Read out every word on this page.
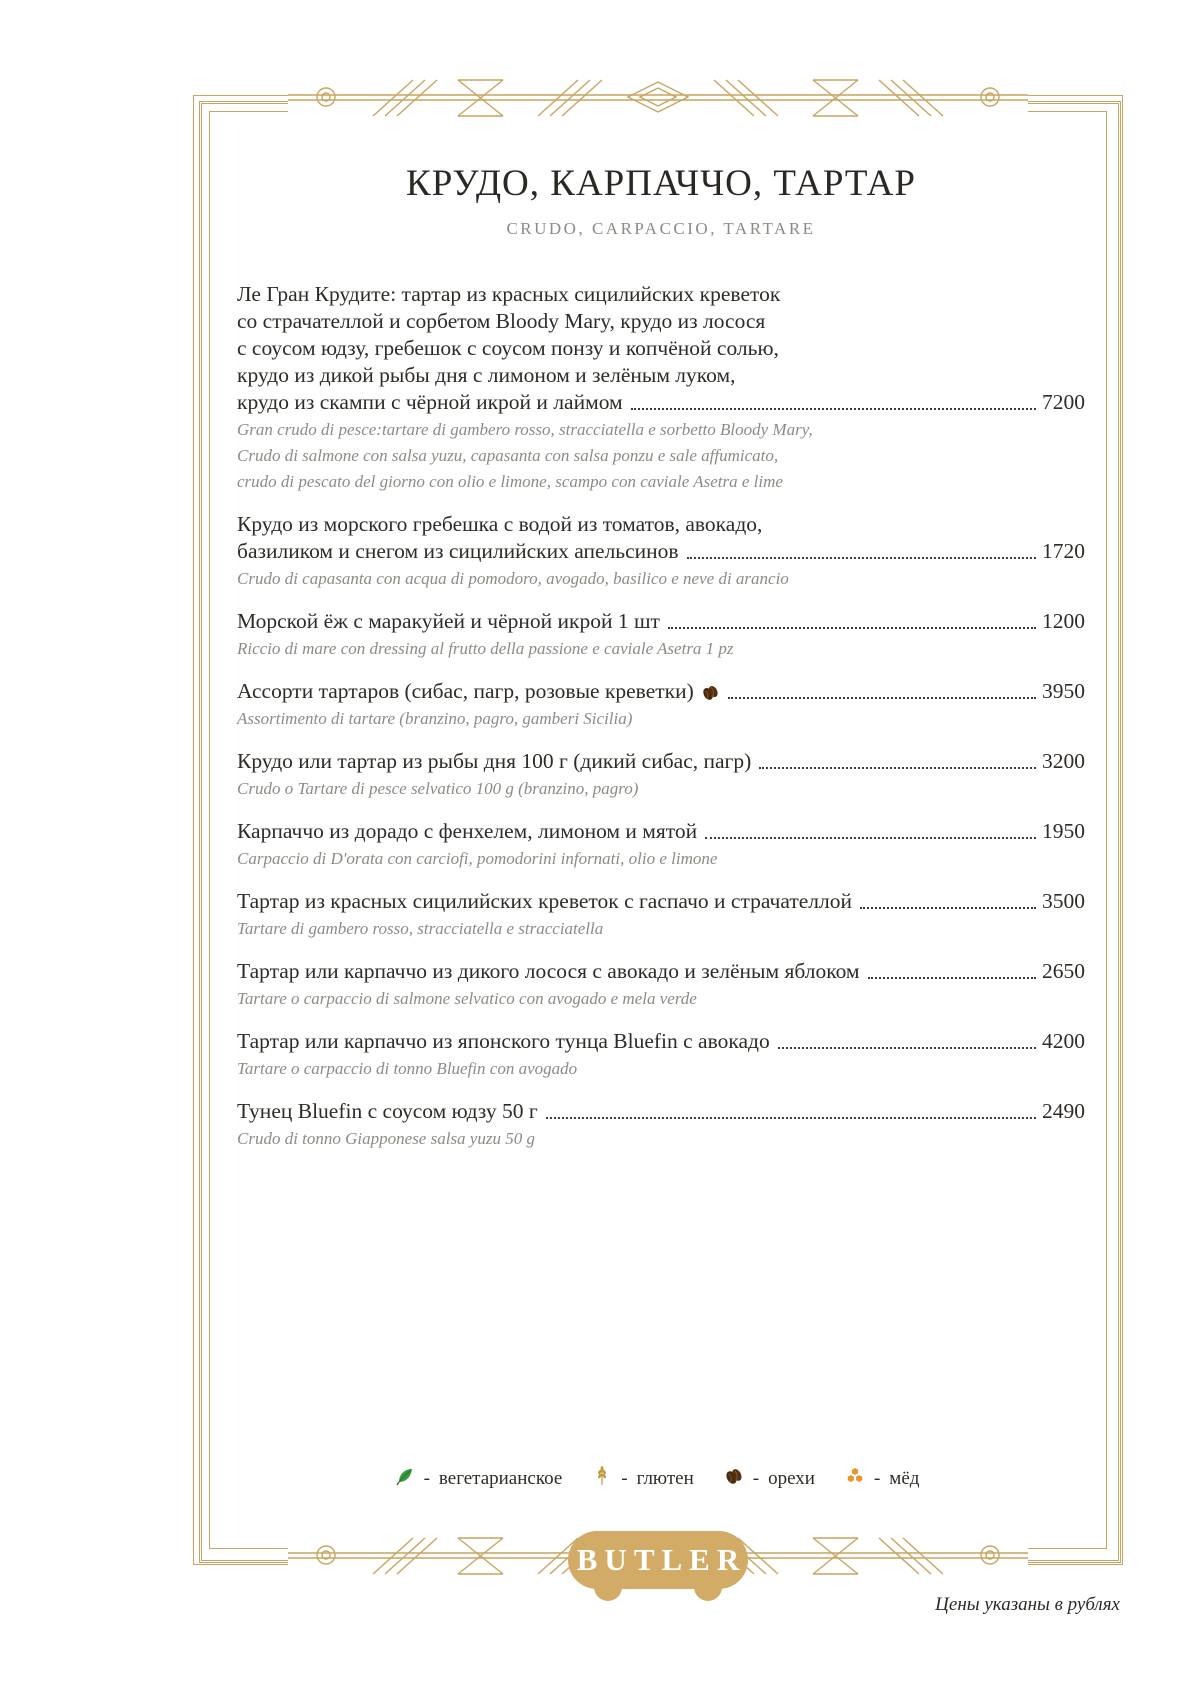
КРУДО, КАРПАЧЧО, ТАРТАР
CRUDO, CARPACCIO, TARTARE
Ле Гран Крудите: тартар из красных сицилийских креветок
со страчателлой и сорбетом Bloody Mary, крудо из лосося
с соусом юдзу, гребешок с соусом понзу и копчёной солью,
крудо из дикой рыбы дня с лимоном и зелёным луком,
крудо из скампи с чёрной икрой и лаймом	7200
Gran crudo di pesce:tartare di gambero rosso, stracciatella e sorbetto Bloody Mary,
Crudo di salmone con salsa yuzu, capasanta con salsa ponzu e sale affumicato,
crudo di pescato del giorno con olio e limone, scampo con caviale Asetra e lime
Крудо из морского гребешка с водой из томатов, авокадо,
базиликом и снегом из сицилийских апельсинов	1720
Crudo di capasanta con acqua di pomodoro, avogado, basilico e neve di arancio
Морской ёж с маракуйей и чёрной икрой 1 шт	1200
Riccio di mare con dressing al frutto della passione e caviale Asetra 1 pz
Ассорти тартаров (сибас, пагр, розовые креветки)	3950
Assortimento di tartare (branzino, pagro, gamberi Sicilia)
Крудо или тартар из рыбы дня 100 г (дикий сибас, пагр)	3200
Crudo o Tartare di pesce selvatico 100 g (branzino, pagro)
Карпаччо из дорадо с фенхелем, лимоном и мятой	1950
Carpaccio di D'orata con carciofi, pomodorini infornati, olio e limone
Тартар из красных сицилийских креветок с гаспачо и страчателлой	3500
Tartare di gambero rosso, stracciatella e stracciatella
Тартар или карпаччо из дикого лосося с авокадо и зелёным яблоком	2650
Tartare o carpaccio di salmone selvatico con avogado e mela verde
Тартар или карпаччо из японского тунца Bluefin с авокадо	4200
Tartare o carpaccio di tonno Bluefin con avogado
Тунец Bluefin с соусом юдзу 50 г	2490
Crudo di tonno Giapponese salsa yuzu 50 g
- вегетарианское	- глютен	- орехи	- мёд
BUTLER
Цены указаны в рублях
